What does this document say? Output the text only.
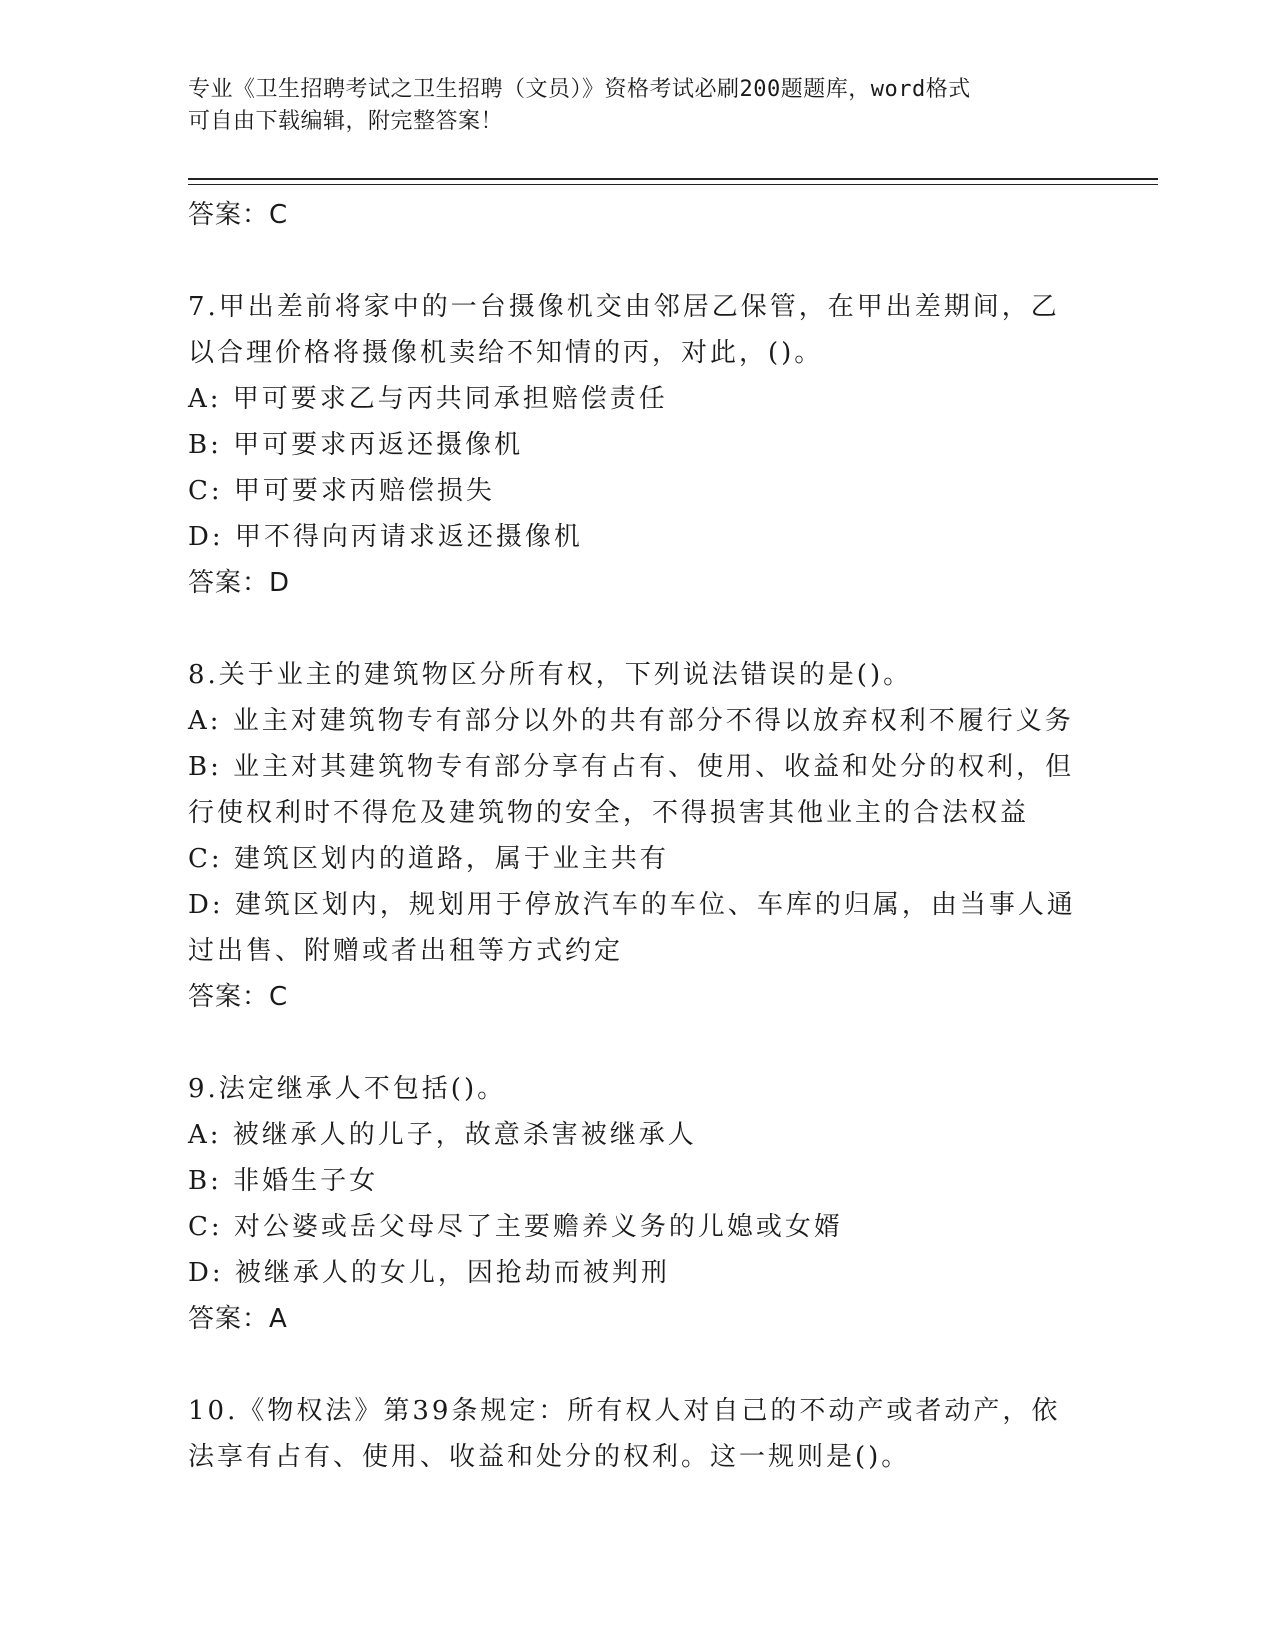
专业《卫生招聘考试之卫生招聘（文员）》资格考试必刷200题题库，word格式
可自由下载编辑，附完整答案！

答案：C

7.甲出差前将家中的一台摄像机交由邻居乙保管，在甲出差期间，乙

以合理价格将摄像机卖给不知情的丙，对此，()。

A: 甲可要求乙与丙共同承担赔偿责任

B: 甲可要求丙返还摄像机

C: 甲可要求丙赔偿损失

D: 甲不得向丙请求返还摄像机

答案：D

8.关于业主的建筑物区分所有权，下列说法错误的是()。

A: 业主对建筑物专有部分以外的共有部分不得以放弃权利不履行义务

B: 业主对其建筑物专有部分享有占有、使用、收益和处分的权利，但

行使权利时不得危及建筑物的安全，不得损害其他业主的合法权益

C: 建筑区划内的道路，属于业主共有

D: 建筑区划内，规划用于停放汽车的车位、车库的归属，由当事人通

过出售、附赠或者出租等方式约定

答案：C

9.法定继承人不包括()。

A: 被继承人的儿子，故意杀害被继承人

B: 非婚生子女

C: 对公婆或岳父母尽了主要赡养义务的儿媳或女婿

D: 被继承人的女儿，因抢劫而被判刑

答案：A

10.《物权法》第39条规定：所有权人对自己的不动产或者动产，依

法享有占有、使用、收益和处分的权利。这一规则是()。
